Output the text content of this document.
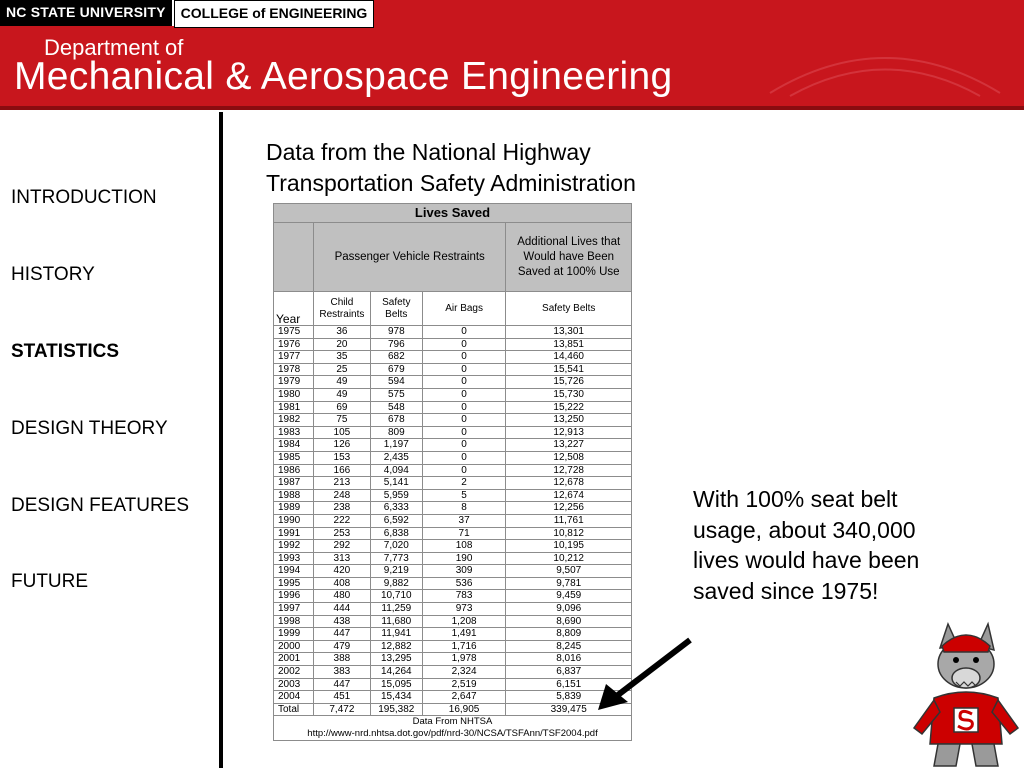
NC STATE UNIVERSITY	COLLEGE of ENGINEERING
Department of
Mechanical & Aerospace Engineering
INTRODUCTION
HISTORY
STATISTICS
DESIGN THEORY
DESIGN FEATURES
FUTURE
Data from the National Highway Transportation Safety Administration
Lives Saved				
	Passenger Vehicle Restraints			Additional Lives that Would have Been Saved at 100% Use
Year	Child Restraints	Safety Belts	Air Bags	Safety Belts
1975	36	978	0	13,301
1976	20	796	0	13,851
1977	35	682	0	14,460
1978	25	679	0	15,541
1979	49	594	0	15,726
1980	49	575	0	15,730
1981	69	548	0	15,222
1982	75	678	0	13,250
1983	105	809	0	12,913
1984	126	1,197	0	13,227
1985	153	2,435	0	12,508
1986	166	4,094	0	12,728
1987	213	5,141	2	12,678
1988	248	5,959	5	12,674
1989	238	6,333	8	12,256
1990	222	6,592	37	11,761
1991	253	6,838	71	10,812
1992	292	7,020	108	10,195
1993	313	7,773	190	10,212
1994	420	9,219	309	9,507
1995	408	9,882	536	9,781
1996	480	10,710	783	9,459
1997	444	11,259	973	9,096
1998	438	11,680	1,208	8,690
1999	447	11,941	1,491	8,809
2000	479	12,882	1,716	8,245
2001	388	13,295	1,978	8,016
2002	383	14,264	2,324	6,837
2003	447	15,095	2,519	6,151
2004	451	15,434	2,647	5,839
Total	7,472	195,382	16,905	339,475
Data From NHTSA
http://www-nrd.nhtsa.dot.gov/pdf/nrd-30/NCSA/TSFAnn/TSF2004.pdf				
With 100% seat belt usage, about 340,000 lives would have been saved since 1975!
